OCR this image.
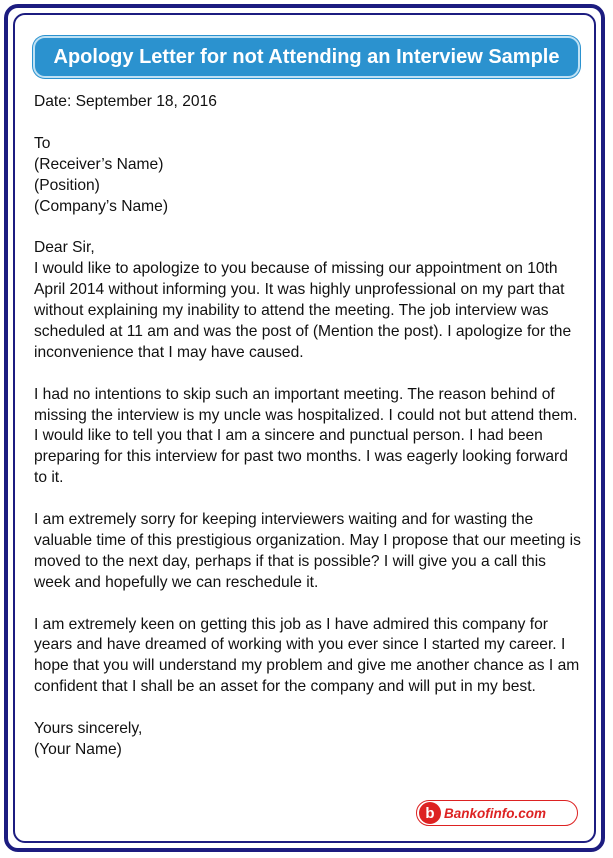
Apology Letter for not Attending an Interview Sample

Date: September 18, 2016

To

(Receiver’s Name)

(Position)

(Company’s Name)

Dear Sir,

I would like to apologize to you because of missing our appointment on 10th April 2014 without informing you. It was highly unprofessional on my part that without explaining my inability to attend the meeting. The job interview was scheduled at 11 am and was the post of (Mention the post). I apologize for the inconvenience that I may have caused.

I had no intentions to skip such an important meeting. The reason behind of missing the interview is my uncle was hospitalized. I could not but attend them. I would like to tell you that I am a sincere and punctual person. I had been preparing for this interview for past two months. I was eagerly looking forward to it.

I am extremely sorry for keeping interviewers waiting and for wasting the valuable time of this prestigious organization. May I propose that our meeting is moved to the next day, perhaps if that is possible? I will give you a call this week and hopefully we can reschedule it.

I am extremely keen on getting this job as I have admired this company for years and have dreamed of working with you ever since I started my career. I hope that you will understand my problem and give me another chance as I am confident that I shall be an asset for the company and will put in my best.

Yours sincerely,

(Your Name)

b Bankofinfo.com
